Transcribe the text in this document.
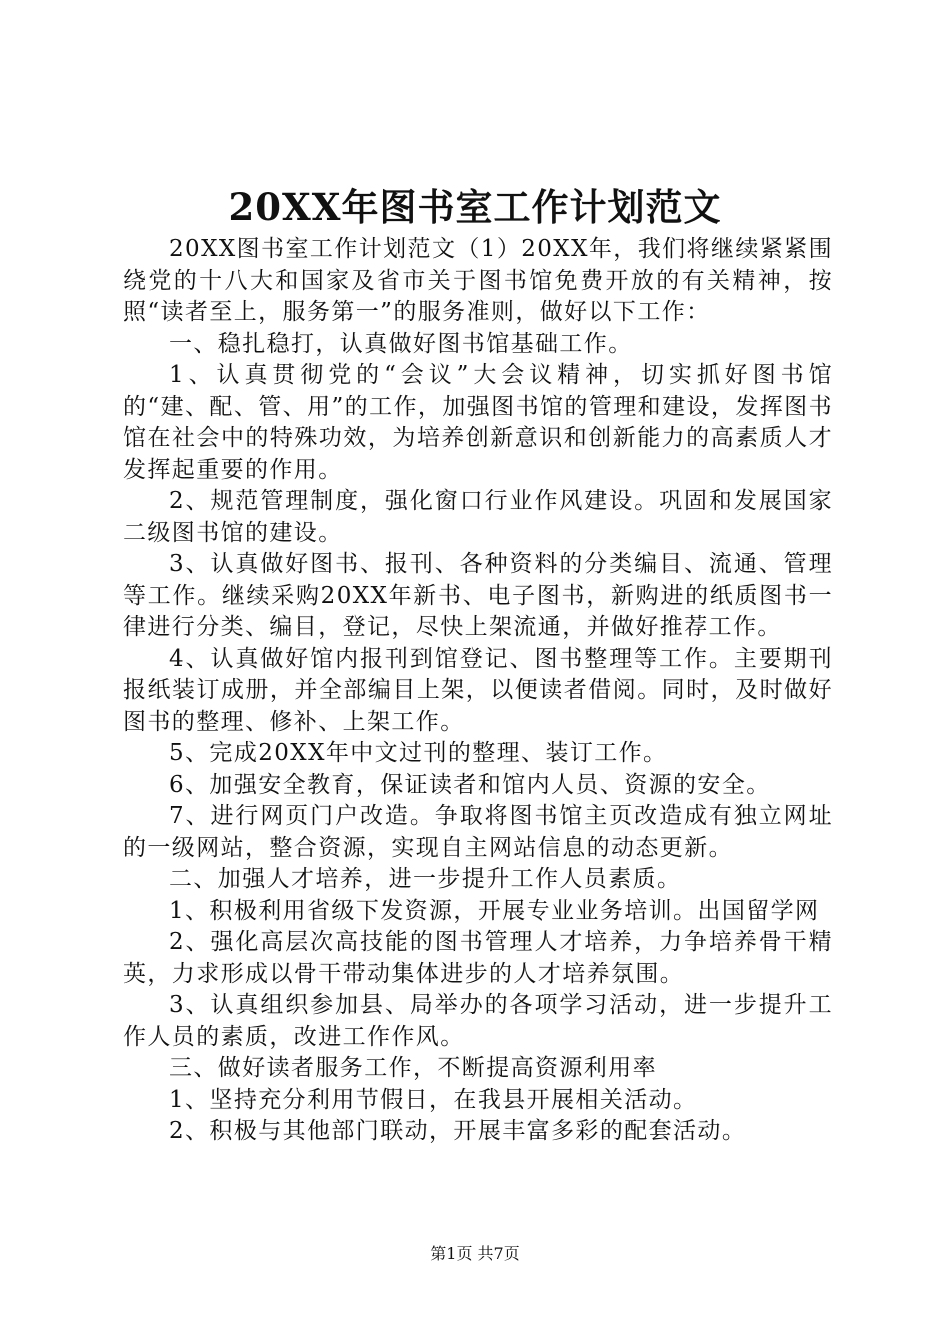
20XX年图书室工作计划范文

20XX图书室工作计划范文（1）20XX年，我们将继续紧紧围绕党的十八大和国家及省市关于图书馆免费开放的有关精神，按照“读者至上，服务第一”的服务准则，做好以下工作：

一、稳扎稳打，认真做好图书馆基础工作。

1、认真贯彻党的“会议”大会议精神，切实抓好图书馆的“建、配、管、用”的工作，加强图书馆的管理和建设，发挥图书馆在社会中的特殊功效，为培养创新意识和创新能力的高素质人才发挥起重要的作用。

2、规范管理制度，强化窗口行业作风建设。巩固和发展国家二级图书馆的建设。

3、认真做好图书、报刊、各种资料的分类编目、流通、管理等工作。继续采购20XX年新书、电子图书，新购进的纸质图书一律进行分类、编目，登记，尽快上架流通，并做好推荐工作。

4、认真做好馆内报刊到馆登记、图书整理等工作。主要期刊报纸装订成册，并全部编目上架，以便读者借阅。同时，及时做好图书的整理、修补、上架工作。

5、完成20XX年中文过刊的整理、装订工作。

6、加强安全教育，保证读者和馆内人员、资源的安全。

7、进行网页门户改造。争取将图书馆主页改造成有独立网址的一级网站，整合资源，实现自主网站信息的动态更新。

二、加强人才培养，进一步提升工作人员素质。

1、积极利用省级下发资源，开展专业业务培训。出国留学网

2、强化高层次高技能的图书管理人才培养，力争培养骨干精英，力求形成以骨干带动集体进步的人才培养氛围。

3、认真组织参加县、局举办的各项学习活动，进一步提升工作人员的素质，改进工作作风。

三、做好读者服务工作，不断提高资源利用率

1、坚持充分利用节假日，在我县开展相关活动。

2、积极与其他部门联动，开展丰富多彩的配套活动。

第1页 共7页
